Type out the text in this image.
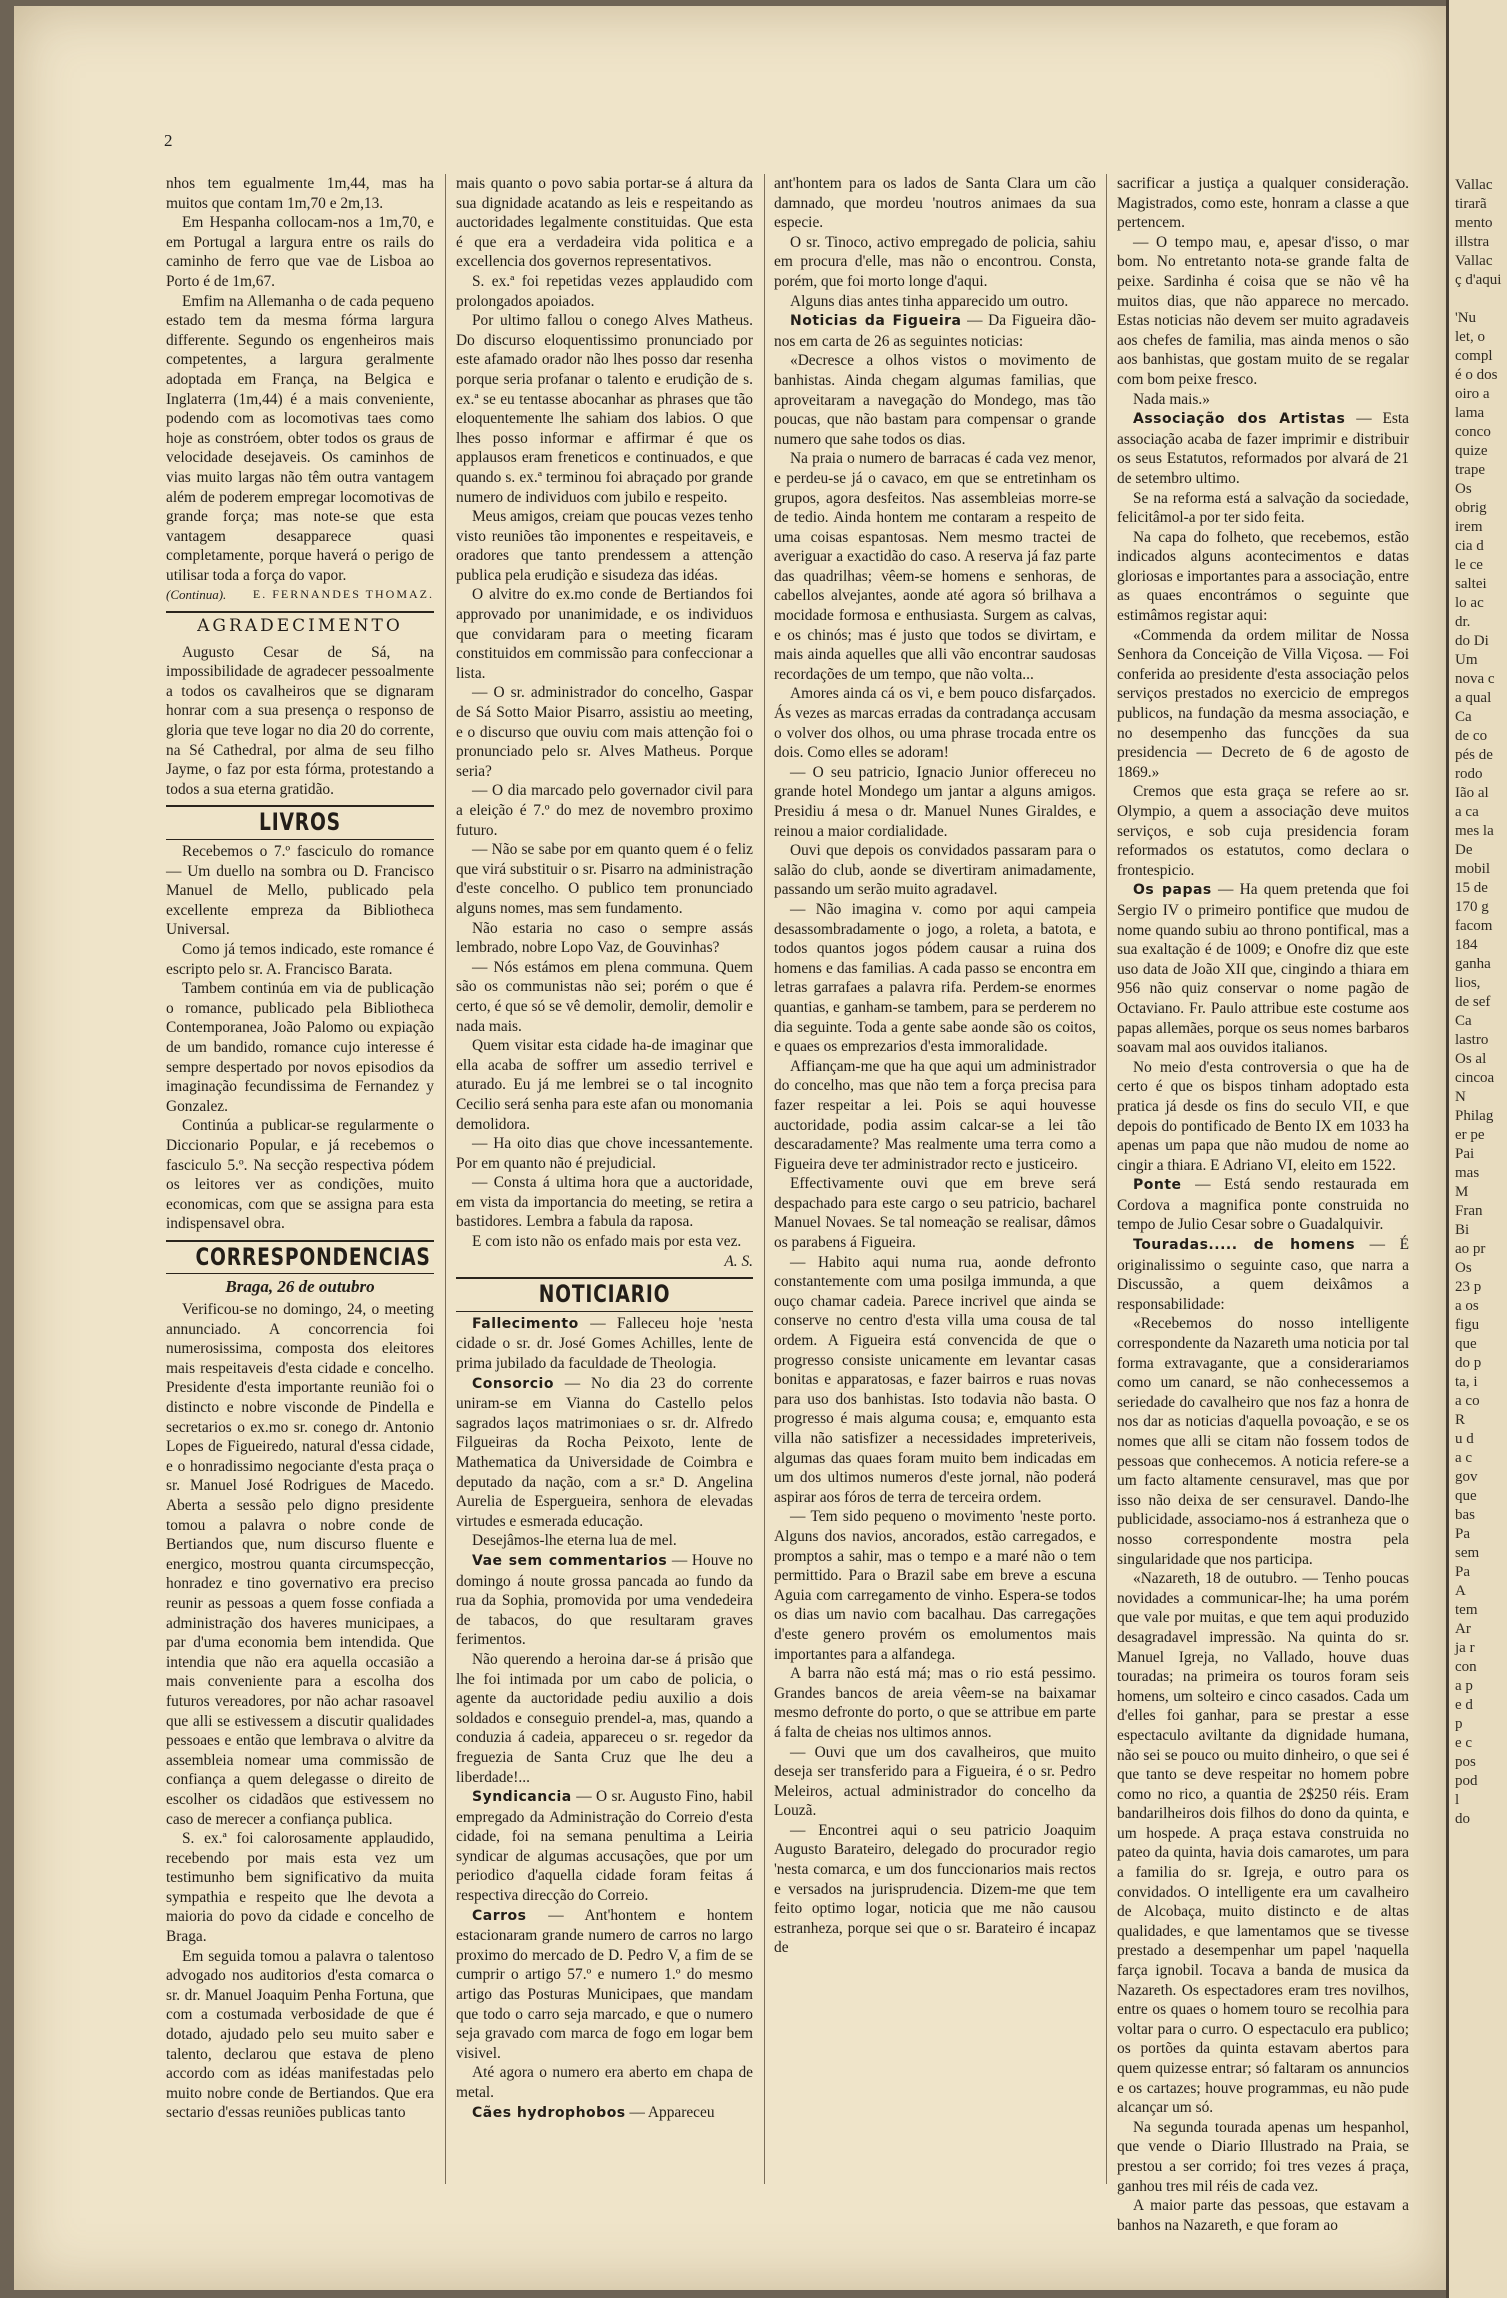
2

nhos tem egualmente 1m,44, mas ha muitos que contam 1m,70 e 2m,13.

Em Hespanha collocam-nos a 1m,70, e em Portugal a largura entre os rails do caminho de ferro que vae de Lisboa ao Porto é de 1m,67.

Emfim na Allemanha o de cada pequeno estado tem da mesma fórma largura differente. Segundo os engenheiros mais competentes, a largura geralmente adoptada em França, na Belgica e Inglaterra (1m,44) é a mais conveniente, podendo com as locomotivas taes como hoje as constróem, obter todos os graus de velocidade desejaveis. Os caminhos de vias muito largas não têm outra vantagem além de poderem empregar locomotivas de grande força; mas note-se que esta vantagem desapparece quasi completamente, porque haverá o perigo de utilisar toda a força do vapor.

(Continua). E. FERNANDES THOMAZ.

AGRADECIMENTO

Augusto Cesar de Sá, na impossibilidade de agradecer pessoalmente a todos os cavalheiros que se dignaram honrar com a sua presença o responso de gloria que teve logar no dia 20 do corrente, na Sé Cathedral, por alma de seu filho Jayme, o faz por esta fórma, protestando a todos a sua eterna gratidão.

LIVROS

Recebemos o 7.º fasciculo do romance — Um duello na sombra ou D. Francisco Manuel de Mello, publicado pela excellente empreza da Bibliotheca Universal.

Como já temos indicado, este romance é escripto pelo sr. A. Francisco Barata.

Tambem continúa em via de publicação o romance, publicado pela Bibliotheca Contemporanea, João Palomo ou expiação de um bandido, romance cujo interesse é sempre despertado por novos episodios da imaginação fecundissima de Fernandez y Gonzalez.

Continúa a publicar-se regularmente o Diccionario Popular, e já recebemos o fasciculo 5.º. Na secção respectiva pódem os leitores ver as condições, muito economicas, com que se assigna para esta indispensavel obra.

CORRESPONDENCIAS
Braga, 26 de outubro

Verificou-se no domingo, 24, o meeting annunciado. A concorrencia foi numerosissima, composta dos eleitores mais respeitaveis d'esta cidade e concelho. Presidente d'esta importante reunião foi o distincto e nobre visconde de Pindella e secretarios o ex.mo sr. conego dr. Antonio Lopes de Figueiredo, natural d'essa cidade, e o honradissimo negociante d'esta praça o sr. Manuel José Rodrigues de Macedo. Aberta a sessão pelo digno presidente tomou a palavra o nobre conde de Bertiandos que, num discurso fluente e energico, mostrou quanta circumspecção, honradez e tino governativo era preciso reunir as pessoas a quem fosse confiada a administração dos haveres municipaes, a par d'uma economia bem intendida. Que intendia que não era aquella occasião a mais conveniente para a escolha dos futuros vereadores, por não achar rasoavel que alli se estivessem a discutir qualidades pessoaes e então que lembrava o alvitre da assembleia nomear uma commissão de confiança a quem delegasse o direito de escolher os cidadãos que estivessem no caso de merecer a confiança publica.

S. ex.ª foi calorosamente applaudido, recebendo por mais esta vez um testimunho bem significativo da muita sympathia e respeito que lhe devota a maioria do povo da cidade e concelho de Braga.

Em seguida tomou a palavra o talentoso advogado nos auditorios d'esta comarca o sr. dr. Manuel Joaquim Penha Fortuna, que com a costumada verbosidade de que é dotado, ajudado pelo seu muito saber e talento, declarou que estava de pleno accordo com as idéas manifestadas pelo muito nobre conde de Bertiandos. Que era sectario d'essas reuniões publicas tanto

mais quanto o povo sabia portar-se á altura da sua dignidade acatando as leis e respeitando as auctoridades legalmente constituidas. Que esta é que era a verdadeira vida politica e a excellencia dos governos representativos.

S. ex.ª foi repetidas vezes applaudido com prolongados apoiados.

Por ultimo fallou o conego Alves Matheus. Do discurso eloquentissimo pronunciado por este afamado orador não lhes posso dar resenha porque seria profanar o talento e erudição de s. ex.ª se eu tentasse abocanhar as phrases que tão eloquentemente lhe sahiam dos labios. O que lhes posso informar e affirmar é que os applausos eram freneticos e continuados, e que quando s. ex.ª terminou foi abraçado por grande numero de individuos com jubilo e respeito.

Meus amigos, creiam que poucas vezes tenho visto reuniões tão imponentes e respeitaveis, e oradores que tanto prendessem a attenção publica pela erudição e sisudeza das idéas.

O alvitre do ex.mo conde de Bertiandos foi approvado por unanimidade, e os individuos que convidaram para o meeting ficaram constituidos em commissão para confeccionar a lista.

— O sr. administrador do concelho, Gaspar de Sá Sotto Maior Pisarro, assistiu ao meeting, e o discurso que ouviu com mais attenção foi o pronunciado pelo sr. Alves Matheus. Porque seria?

— O dia marcado pelo governador civil para a eleição é 7.º do mez de novembro proximo futuro.

— Não se sabe por em quanto quem é o feliz que virá substituir o sr. Pisarro na administração d'este concelho. O publico tem pronunciado alguns nomes, mas sem fundamento.

Não estaria no caso o sempre assás lembrado, nobre Lopo Vaz, de Gouvinhas?

— Nós estámos em plena communa. Quem são os communistas não sei; porém o que é certo, é que só se vê demolir, demolir, demolir e nada mais.

Quem visitar esta cidade ha-de imaginar que ella acaba de soffrer um assedio terrivel e aturado. Eu já me lembrei se o tal incognito Cecilio será senha para este afan ou monomania demolidora.

— Ha oito dias que chove incessantemente. Por em quanto não é prejudicial.

— Consta á ultima hora que a auctoridade, em vista da importancia do meeting, se retira a bastidores. Lembra a fabula da raposa.

E com isto não os enfado mais por esta vez.

A. S.

NOTICIARIO

Fallecimento — Falleceu hoje 'nesta cidade o sr. dr. José Gomes Achilles, lente de prima jubilado da faculdade de Theologia.

Consorcio — No dia 23 do corrente uniram-se em Vianna do Castello pelos sagrados laços matrimoniaes o sr. dr. Alfredo Filgueiras da Rocha Peixoto, lente de Mathematica da Universidade de Coimbra e deputado da nação, com a sr.ª D. Angelina Aurelia de Espergueira, senhora de elevadas virtudes e esmerada educação.

Desejâmos-lhe eterna lua de mel.

Vae sem commentarios — Houve no domingo á noute grossa pancada ao fundo da rua da Sophia, promovida por uma vendedeira de tabacos, do que resultaram graves ferimentos.

Não querendo a heroina dar-se á prisão que lhe foi intimada por um cabo de policia, o agente da auctoridade pediu auxilio a dois soldados e conseguio prendel-a, mas, quando a conduzia á cadeia, appareceu o sr. regedor da freguezia de Santa Cruz que lhe deu a liberdade!...

Syndicancia — O sr. Augusto Fino, habil empregado da Administração do Correio d'esta cidade, foi na semana penultima a Leiria syndicar de algumas accusações, que por um periodico d'aquella cidade foram feitas á respectiva direcção do Correio.

Carros — Ant'hontem e hontem estacionaram grande numero de carros no largo proximo do mercado de D. Pedro V, a fim de se cumprir o artigo 57.º e numero 1.º do mesmo artigo das Posturas Municipaes, que mandam que todo o carro seja marcado, e que o numero seja gravado com marca de fogo em logar bem visivel.

Até agora o numero era aberto em chapa de metal.

Cães hydrophobos — Appareceu

ant'hontem para os lados de Santa Clara um cão damnado, que mordeu 'noutros animaes da sua especie.

O sr. Tinoco, activo empregado de policia, sahiu em procura d'elle, mas não o encontrou. Consta, porém, que foi morto longe d'aqui.

Alguns dias antes tinha apparecido um outro.

Noticias da Figueira — Da Figueira dão-nos em carta de 26 as seguintes noticias:

«Decresce a olhos vistos o movimento de banhistas. Ainda chegam algumas familias, que aproveitaram a navegação do Mondego, mas tão poucas, que não bastam para compensar o grande numero que sahe todos os dias.

Na praia o numero de barracas é cada vez menor, e perdeu-se já o cavaco, em que se entretinham os grupos, agora desfeitos. Nas assembleias morre-se de tedio. Ainda hontem me contaram a respeito de uma coisas espantosas. Nem mesmo tractei de averiguar a exactidão do caso. A reserva já faz parte das quadrilhas; vêem-se homens e senhoras, de cabellos alvejantes, aonde até agora só brilhava a mocidade formosa e enthusiasta. Surgem as calvas, e os chinós; mas é justo que todos se divirtam, e mais ainda aquelles que alli vão encontrar saudosas recordações de um tempo, que não volta...

Amores ainda cá os vi, e bem pouco disfarçados. Ás vezes as marcas erradas da contradança accusam o volver dos olhos, ou uma phrase trocada entre os dois. Como elles se adoram!

— O seu patricio, Ignacio Junior offereceu no grande hotel Mondego um jantar a alguns amigos. Presidiu á mesa o dr. Manuel Nunes Giraldes, e reinou a maior cordialidade.

Ouvi que depois os convidados passaram para o salão do club, aonde se divertiram animadamente, passando um serão muito agradavel.

— Não imagina v. como por aqui campeia desassombradamente o jogo, a roleta, a batota, e todos quantos jogos pódem causar a ruina dos homens e das familias. A cada passo se encontra em letras garrafaes a palavra rifa. Perdem-se enormes quantias, e ganham-se tambem, para se perderem no dia seguinte. Toda a gente sabe aonde são os coitos, e quaes os emprezarios d'esta immoralidade.

Affiançam-me que ha que aqui um administrador do concelho, mas que não tem a força precisa para fazer respeitar a lei. Pois se aqui houvesse auctoridade, podia assim calcar-se a lei tão descaradamente? Mas realmente uma terra como a Figueira deve ter administrador recto e justiceiro.

Effectivamente ouvi que em breve será despachado para este cargo o seu patricio, bacharel Manuel Novaes. Se tal nomeação se realisar, dâmos os parabens á Figueira.

— Habito aqui numa rua, aonde defronto constantemente com uma posilga immunda, a que ouço chamar cadeia. Parece incrivel que ainda se conserve no centro d'esta villa uma cousa de tal ordem. A Figueira está convencida de que o progresso consiste unicamente em levantar casas bonitas e apparatosas, e fazer bairros e ruas novas para uso dos banhistas. Isto todavia não basta. O progresso é mais alguma cousa; e, emquanto esta villa não satisfizer a necessidades impreteriveis, algumas das quaes foram muito bem indicadas em um dos ultimos numeros d'este jornal, não poderá aspirar aos fóros de terra de terceira ordem.

— Tem sido pequeno o movimento 'neste porto. Alguns dos navios, ancorados, estão carregados, e promptos a sahir, mas o tempo e a maré não o tem permittido. Para o Brazil sabe em breve a escuna Aguia com carregamento de vinho. Espera-se todos os dias um navio com bacalhau. Das carregações d'este genero provém os emolumentos mais importantes para a alfandega.

A barra não está má; mas o rio está pessimo. Grandes bancos de areia vêem-se na baixamar mesmo defronte do porto, o que se attribue em parte á falta de cheias nos ultimos annos.

— Ouvi que um dos cavalheiros, que muito deseja ser transferido para a Figueira, é o sr. Pedro Meleiros, actual administrador do concelho da Louzã.

— Encontrei aqui o seu patricio Joaquim Augusto Barateiro, delegado do procurador regio 'nesta comarca, e um dos funccionarios mais rectos e versados na jurisprudencia. Dizem-me que tem feito optimo logar, noticia que me não causou estranheza, porque sei que o sr. Barateiro é incapaz de

sacrificar a justiça a qualquer consideração. Magistrados, como este, honram a classe a que pertencem.

— O tempo mau, e, apesar d'isso, o mar bom. No entretanto nota-se grande falta de peixe. Sardinha é coisa que se não vê ha muitos dias, que não apparece no mercado. Estas noticias não devem ser muito agradaveis aos chefes de familia, mas ainda menos o são aos banhistas, que gostam muito de se regalar com bom peixe fresco.

Nada mais.»

Associação dos Artistas — Esta associação acaba de fazer imprimir e distribuir os seus Estatutos, reformados por alvará de 21 de setembro ultimo.

Se na reforma está a salvação da sociedade, felicitâmol-a por ter sido feita.

Na capa do folheto, que recebemos, estão indicados alguns acontecimentos e datas gloriosas e importantes para a associação, entre as quaes encontrámos o seguinte que estimâmos registar aqui:

«Commenda da ordem militar de Nossa Senhora da Conceição de Villa Viçosa. — Foi conferida ao presidente d'esta associação pelos serviços prestados no exercicio de empregos publicos, na fundação da mesma associação, e no desempenho das funcções da sua presidencia — Decreto de 6 de agosto de 1869.»

Cremos que esta graça se refere ao sr. Olympio, a quem a associação deve muitos serviços, e sob cuja presidencia foram reformados os estatutos, como declara o frontespicio.

Os papas — Ha quem pretenda que foi Sergio IV o primeiro pontifice que mudou de nome quando subiu ao throno pontifical, mas a sua exaltação é de 1009; e Onofre diz que este uso data de João XII que, cingindo a thiara em 956 não quiz conservar o nome pagão de Octaviano. Fr. Paulo attribue este costume aos papas allemães, porque os seus nomes barbaros soavam mal aos ouvidos italianos.

No meio d'esta controversia o que ha de certo é que os bispos tinham adoptado esta pratica já desde os fins do seculo VII, e que depois do pontificado de Bento IX em 1033 ha apenas um papa que não mudou de nome ao cingir a thiara. E Adriano VI, eleito em 1522.

Ponte — Está sendo restaurada em Cordova a magnifica ponte construida no tempo de Julio Cesar sobre o Guadalquivir.

Touradas..... de homens — É originalissimo o seguinte caso, que narra a Discussão, a quem deixâmos a responsabilidade:

«Recebemos do nosso intelligente correspondente da Nazareth uma noticia por tal forma extravagante, que a considerariamos como um canard, se não conhecessemos a seriedade do cavalheiro que nos faz a honra de nos dar as noticias d'aquella povoação, e se os nomes que alli se citam não fossem todos de pessoas que conhecemos. A noticia refere-se a um facto altamente censuravel, mas que por isso não deixa de ser censuravel. Dando-lhe publicidade, associamo-nos á estranheza que o nosso correspondente mostra pela singularidade que nos participa.

«Nazareth, 18 de outubro. — Tenho poucas novidades a communicar-lhe; ha uma porém que vale por muitas, e que tem aqui produzido desagradavel impressão. Na quinta do sr. Manuel Igreja, no Vallado, houve duas touradas; na primeira os touros foram seis homens, um solteiro e cinco casados. Cada um d'elles foi ganhar, para se prestar a esse espectaculo aviltante da dignidade humana, não sei se pouco ou muito dinheiro, o que sei é que tanto se deve respeitar no homem pobre como no rico, a quantia de 2$250 réis. Eram bandarilheiros dois filhos do dono da quinta, e um hospede. A praça estava construida no pateo da quinta, havia dois camarotes, um para a familia do sr. Igreja, e outro para os convidados. O intelligente era um cavalheiro de Alcobaça, muito distincto e de altas qualidades, e que lamentamos que se tivesse prestado a desempenhar um papel 'naquella farça ignobil. Tocava a banda de musica da Nazareth. Os espectadores eram tres novilhos, entre os quaes o homem touro se recolhia para voltar para o curro. O espectaculo era publico; os portões da quinta estavam abertos para quem quizesse entrar; só faltaram os annuncios e os cartazes; houve programmas, eu não pude alcançar um só.

Na segunda tourada apenas um hespanhol, que vende o Diario Illustrado na Praia, se prestou a ser corrido; foi tres vezes á praça, ganhou tres mil réis de cada vez.

A maior parte das pessoas, que estavam a banhos na Nazareth, e que foram ao

Vallac
tirarã
mento
illstra
Vallac
ç d'aqui
'Nu
let, o
compl
é o dos
oiro a
lama
conco
quize
trape
Os
obrig
irem
cia d
le ce
saltei
lo ac
dr.
do Di
Um
nova c
a qual
Ca
de co
pés de
rodo
Ião al
a ca
mes la
De
mobil
15 de
170 g
facom
184
ganha
lios,
de sef
Ca
lastro
Os al
cincoa
N
Philag
er pe
Pai
mas
M
Fran
Bi
ao pr
Os
23 p
a os
figu
que
do p
ta, i
a co
R
u d
a c
gov
que
bas
Pa
sem
Pa
A
tem
Ar
ja r
con
a p
e d
p
e c
pos
pod
l
do
